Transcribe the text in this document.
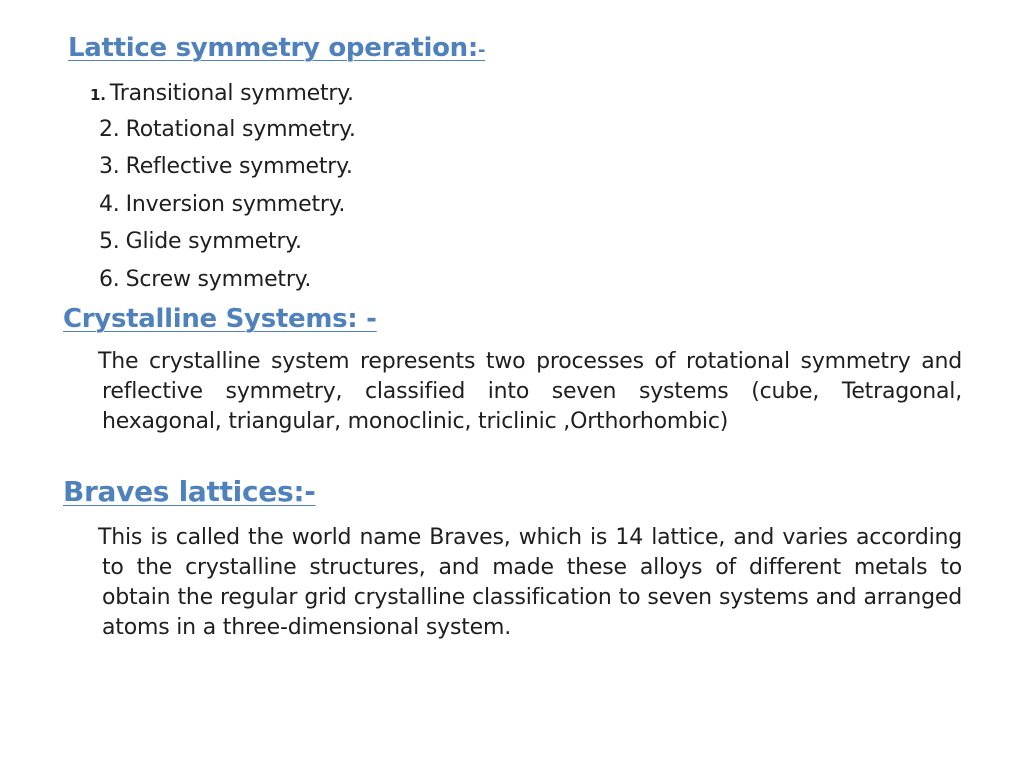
Lattice symmetry operation:-
1. Transitional symmetry.
2. Rotational symmetry.
3. Reflective symmetry.
4. Inversion symmetry.
5. Glide symmetry.
6. Screw symmetry.
Crystalline Systems: -

The crystalline system represents two processes of rotational symmetry and reflective symmetry, classified into seven systems (cube, Tetragonal, hexagonal, triangular, monoclinic, triclinic ,Orthorhombic)

Braves lattices:-

This is called the world name Braves, which is 14 lattice, and varies according to the crystalline structures, and made these alloys of different metals to obtain the regular grid crystalline classification to seven systems and arranged atoms in a three-dimensional system.
